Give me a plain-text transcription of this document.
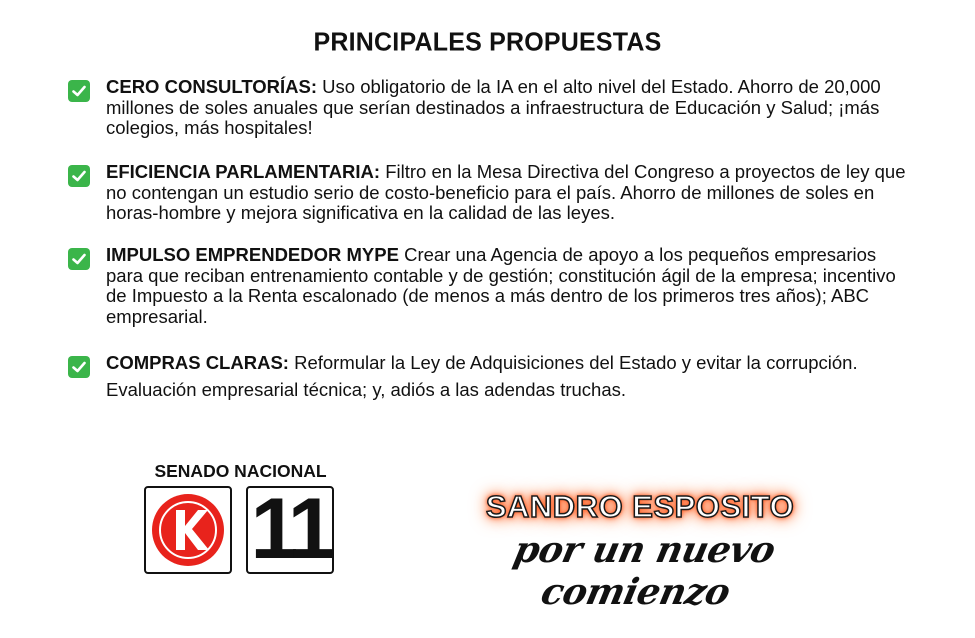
PRINCIPALES PROPUESTAS
CERO CONSULTORÍAS: Uso obligatorio de la IA en el alto nivel del Estado. Ahorro de 20,000 millones de soles anuales que serían destinados a infraestructura de Educación y Salud; ¡más colegios, más hospitales!
EFICIENCIA PARLAMENTARIA: Filtro en la Mesa Directiva del Congreso a proyectos de ley que no contengan un estudio serio de costo-beneficio para el país. Ahorro de millones de soles en horas-hombre y mejora significativa en la calidad de las leyes.
IMPULSO EMPRENDEDOR MYPE Crear una Agencia de apoyo a los pequeños empresarios para que reciban entrenamiento contable y de gestión; constitución ágil de la empresa; incentivo de Impuesto a la Renta escalonado (de menos a más dentro de los primeros tres años); ABC empresarial.
COMPRAS CLARAS: Reformular la Ley de Adquisiciones del Estado y evitar la corrupción.
Evaluación empresarial técnica; y, adiós a las adendas truchas.
SENADO NACIONAL
11	SANDRO ESPOSITO
por un nuevo comienzo
